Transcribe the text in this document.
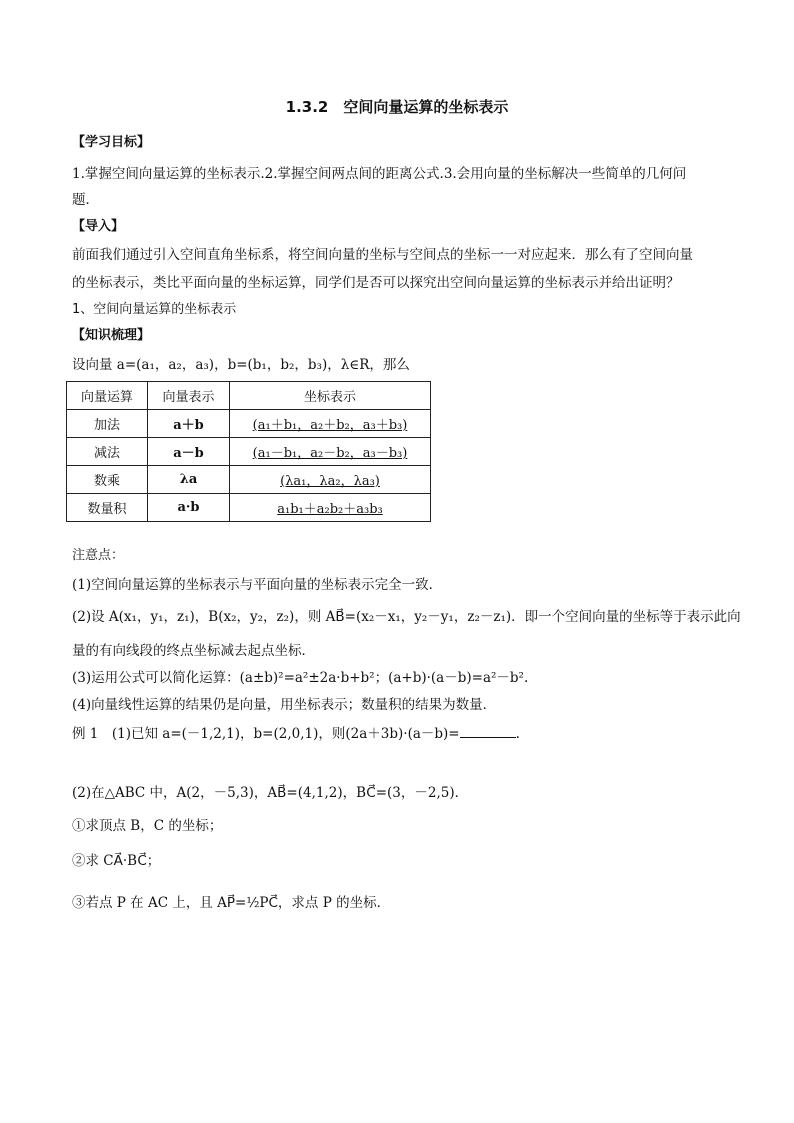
1.3.2　空间向量运算的坐标表示
【学习目标】
1.掌握空间向量运算的坐标表示.2.掌握空间两点间的距离公式.3.会用向量的坐标解决一些简单的几何问
题．
【导入】
前面我们通过引入空间直角坐标系，将空间向量的坐标与空间点的坐标一一对应起来．那么有了空间向量
的坐标表示，类比平面向量的坐标运算，同学们是否可以探究出空间向量运算的坐标表示并给出证明？
1、空间向量运算的坐标表示
【知识梳理】
设向量 a=(a₁，a₂，a₃)，b=(b₁，b₂，b₃)，λ∈R，那么
向量运算	向量表示	坐标表示
加法	a＋b	(a₁＋b₁，a₂＋b₂，a₃＋b₃)
减法	a－b	(a₁－b₁，a₂－b₂，a₃－b₃)
数乘	λa	(λa₁，λa₂，λa₃)
数量积	a·b	a₁b₁＋a₂b₂＋a₃b₃
注意点：
(1)空间向量运算的坐标表示与平面向量的坐标表示完全一致．
(2)设 A(x₁，y₁，z₁)，B(x₂，y₂，z₂)，则 AB⃗=(x₂－x₁，y₂－y₁，z₂－z₁)．即一个空间向量的坐标等于表示此向
量的有向线段的终点坐标减去起点坐标．
(3)运用公式可以简化运算：(a±b)²=a²±2a·b+b²；(a+b)·(a－b)=a²－b².
(4)向量线性运算的结果仍是向量，用坐标表示；数量积的结果为数量．
例 1　(1)已知 a=(－1,2,1)，b=(2,0,1)，则(2a＋3b)·(a－b)=	.
(2)在△ABC 中，A(2，－5,3)，AB⃗=(4,1,2)，BC⃗=(3，－2,5)．
①求顶点 B，C 的坐标；
②求 CA⃗·BC⃗；
③若点 P 在 AC 上，且 AP⃗=½PC⃗，求点 P 的坐标．
